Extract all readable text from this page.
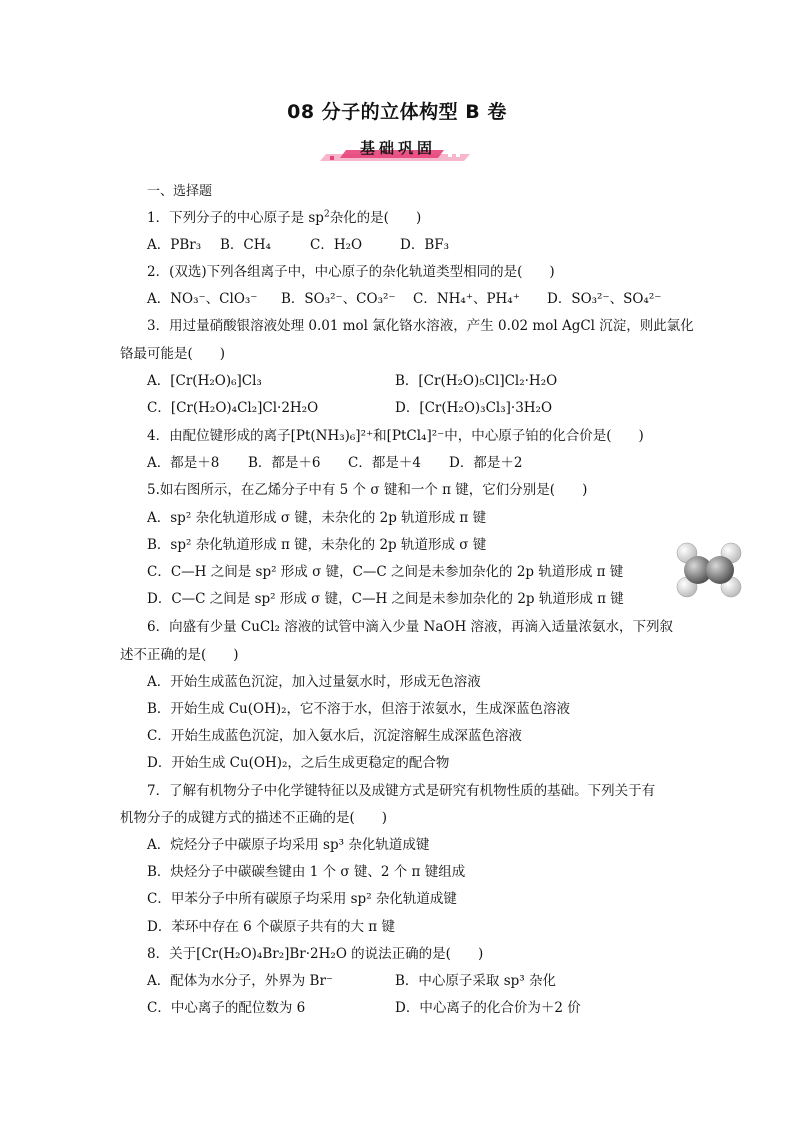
08 分子的立体构型 B 卷
基础巩固
一、选择题
1．下列分子的中心原子是 $sp^2$杂化的是(　　)
A．PBr₃ B．CH₄	C．H₂O	D．BF₃
2．(双选)下列各组离子中，中心原子的杂化轨道类型相同的是(　　)
A．NO₃⁻、ClO₃⁻ B．SO₃²⁻、CO₃²⁻ C．NH₄⁺、PH₄⁺ D．SO₃²⁻、SO₄²⁻
3．用过量硝酸银溶液处理 0.01 mol 氯化铬水溶液，产生 0.02 mol AgCl 沉淀，则此氯化
铬最可能是(　　)
A．[Cr(H₂O)₆]Cl₃	B．[Cr(H₂O)₅Cl]Cl₂·H₂O
C．[Cr(H₂O)₄Cl₂]Cl·2H₂O	D．[Cr(H₂O)₃Cl₃]·3H₂O
4．由配位键形成的离子[Pt(NH₃)₆]²⁺和[PtCl₄]²⁻中，中心原子铂的化合价是(　　)
A．都是＋8 B．都是＋6 C．都是＋4 D．都是＋2
5.如右图所示，在乙烯分子中有 5 个 σ 键和一个 π 键，它们分别是(　　)
A．sp² 杂化轨道形成 σ 键，未杂化的 2p 轨道形成 π 键
B．sp² 杂化轨道形成 π 键，未杂化的 2p 轨道形成 σ 键
C．C—H 之间是 sp² 形成 σ 键，C—C 之间是未参加杂化的 2p 轨道形成 π 键
D．C—C 之间是 sp² 形成 σ 键，C—H 之间是未参加杂化的 2p 轨道形成 π 键
6．向盛有少量 CuCl₂ 溶液的试管中滴入少量 NaOH 溶液，再滴入适量浓氨水，下列叙
述不正确的是(　　)
A．开始生成蓝色沉淀，加入过量氨水时，形成无色溶液
B．开始生成 Cu(OH)₂，它不溶于水，但溶于浓氨水，生成深蓝色溶液
C．开始生成蓝色沉淀，加入氨水后，沉淀溶解生成深蓝色溶液
D．开始生成 Cu(OH)₂，之后生成更稳定的配合物
7．了解有机物分子中化学键特征以及成键方式是研究有机物性质的基础。下列关于有
机物分子的成键方式的描述不正确的是(　　)
A．烷烃分子中碳原子均采用 sp³ 杂化轨道成键
B．炔烃分子中碳碳叁键由 1 个 σ 键、2 个 π 键组成
C．甲苯分子中所有碳原子均采用 sp² 杂化轨道成键
D．苯环中存在 6 个碳原子共有的大 π 键
8．关于[Cr(H₂O)₄Br₂]Br·2H₂O 的说法正确的是(　　)
A．配体为水分子，外界为 Br⁻	B．中心原子采取 sp³ 杂化
C．中心离子的配位数为 6	D．中心离子的化合价为＋2 价
